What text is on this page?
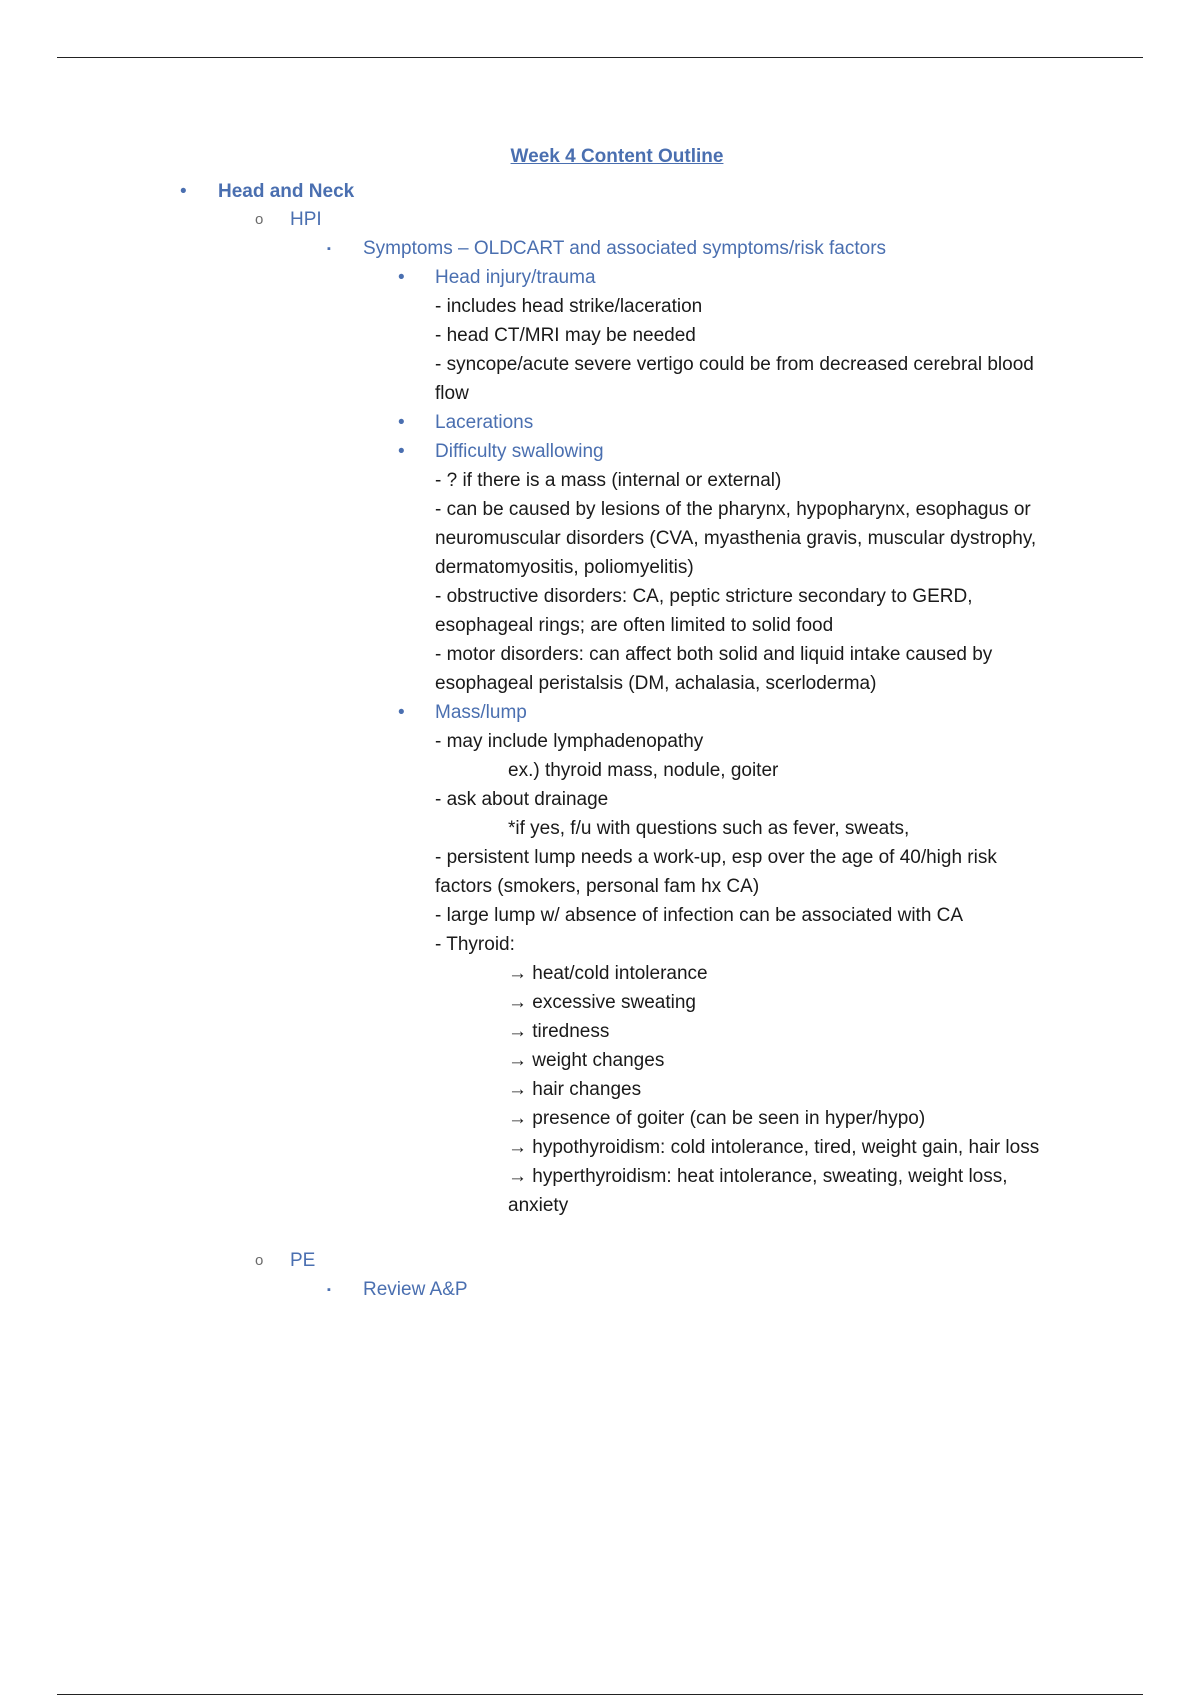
Week 4 Content Outline
• Head and Neck
o HPI
▪ Symptoms – OLDCART and associated symptoms/risk factors
• Head injury/trauma
- includes head strike/laceration
- head CT/MRI may be needed
- syncope/acute severe vertigo could be from decreased cerebral blood
flow
• Lacerations
• Difficulty swallowing
- ? if there is a mass (internal or external)
- can be caused by lesions of the pharynx, hypopharynx, esophagus or
neuromuscular disorders (CVA, myasthenia gravis, muscular dystrophy,
dermatomyositis, poliomyelitis)
- obstructive disorders: CA, peptic stricture secondary to GERD,
esophageal rings; are often limited to solid food
- motor disorders: can affect both solid and liquid intake caused by
esophageal peristalsis (DM, achalasia, scerloderma)
• Mass/lump
- may include lymphadenopathy
ex.) thyroid mass, nodule, goiter
- ask about drainage
*if yes, f/u with questions such as fever, sweats,
- persistent lump needs a work-up, esp over the age of 40/high risk
factors (smokers, personal fam hx CA)
- large lump w/ absence of infection can be associated with CA
- Thyroid:
→ heat/cold intolerance
→ excessive sweating
→ tiredness
→ weight changes
→ hair changes
→ presence of goiter (can be seen in hyper/hypo)
→ hypothyroidism: cold intolerance, tired, weight gain, hair loss
→ hyperthyroidism: heat intolerance, sweating, weight loss,
anxiety
o PE
▪ Review A&P
